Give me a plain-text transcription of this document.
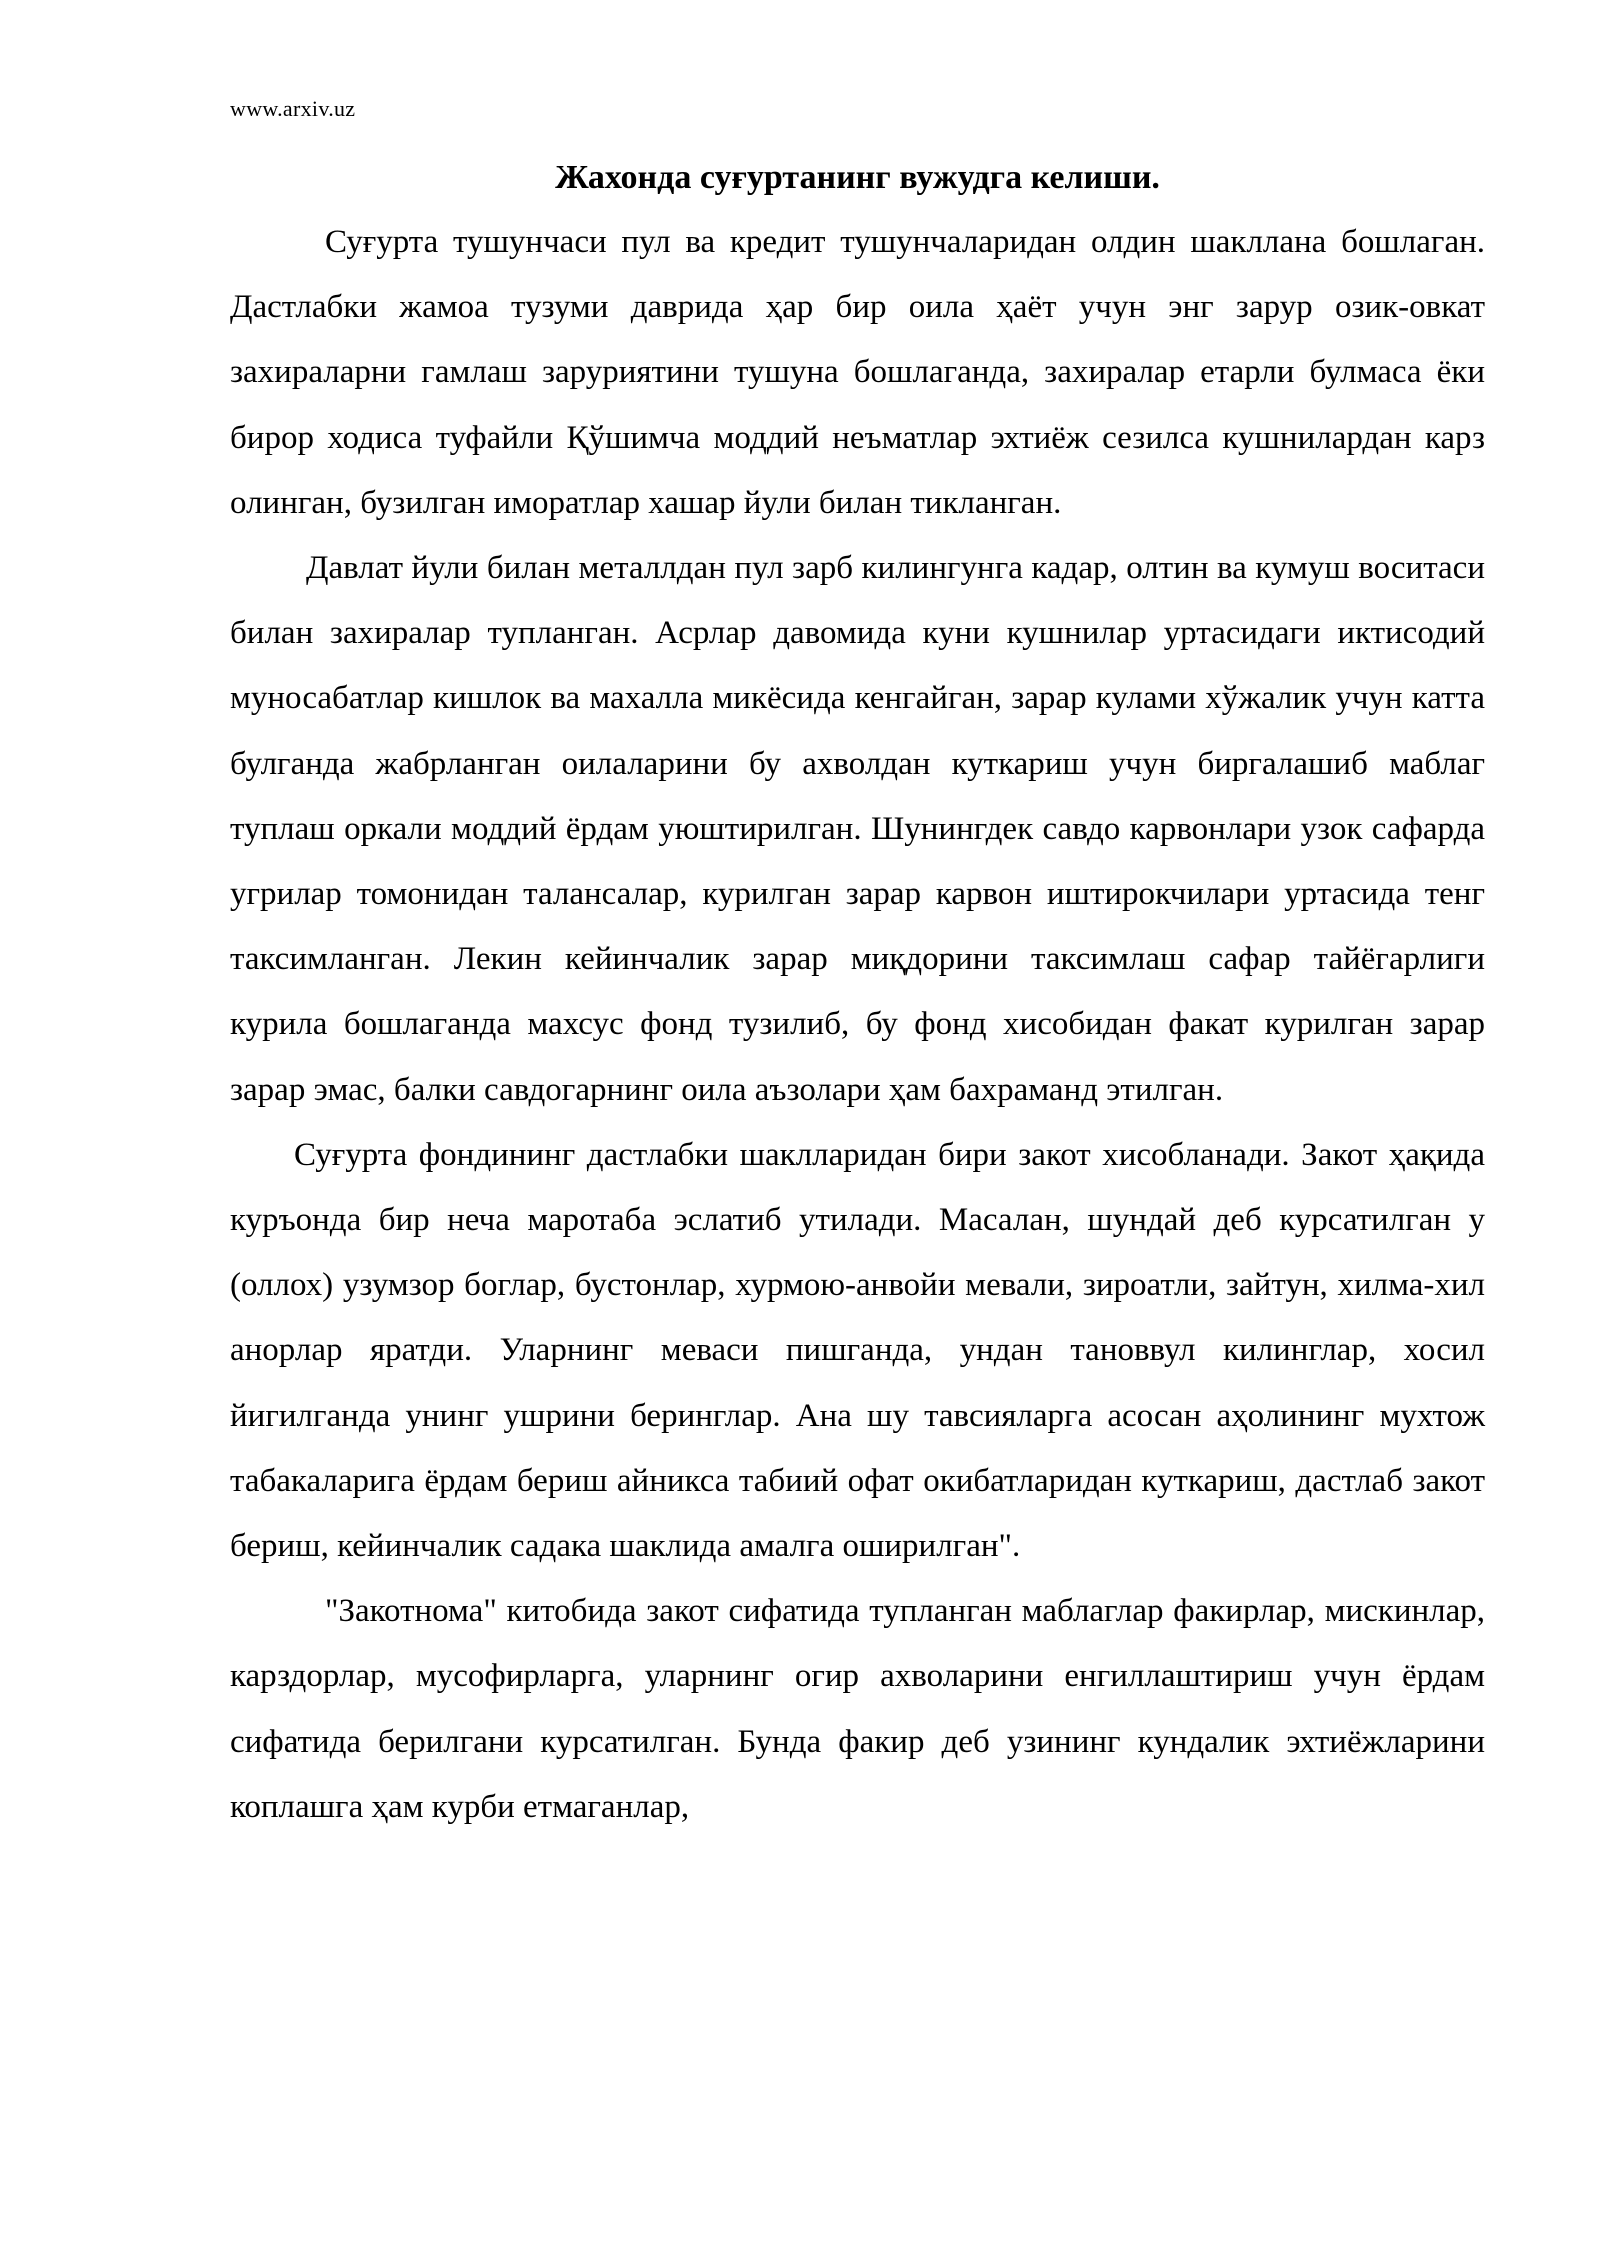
www.arxiv.uz
Жахонда суғуртанинг вужудга келиши.

Суғурта тушунчаси пул ва кредит тушунчаларидан олдин шакллана бошлаган. Дастлабки жамоа тузуми даврида ҳар бир оила ҳаёт учун энг зарур озик-овкат захираларни гамлаш заруриятини тушуна бошлаганда, захиралар етарли булмаса ёки бирор ходиса туфайли Қўшимча моддий неъматлар эхтиёж сезилса кушнилардан карз олинган, бузилган иморатлар хашар йули билан тикланган.

Давлат йули билан металлдан пул зарб килингунга кадар, олтин ва кумуш воситаси билан захиралар тупланган. Асрлар давомида куни кушнилар уртасидаги иктисодий муносабатлар кишлок ва махалла микёсида кенгайган, зарар кулами хўжалик учун катта булганда жабрланган оилаларини бу ахволдан куткариш учун биргалашиб маблаг туплаш оркали моддий ёрдам уюштирилган. Шунингдек савдо карвонлари узок сафарда угрилар томонидан талансалар, курилган зарар карвон иштирокчилари уртасида тенг таксимланган. Лекин кейинчалик зарар миқдорини таксимлаш сафар тайёгарлиги курила бошлаганда махсус фонд тузилиб, бу фонд хисобидан факат курилган зарар зарар эмас, балки савдогарнинг оила аъзолари ҳам бахраманд этилган.

Суғурта фондининг дастлабки шаклларидан бири закот хисобланади. Закот ҳақида куръонда бир неча маротаба эслатиб утилади. Масалан, шундай деб курсатилган у (оллох) узумзор боглар, бустонлар, хурмою-анвойи мевали, зироатли, зайтун, хилма-хил анорлар яратди. Уларнинг меваси пишганда, ундан тановвул килинглар, хосил йигилганда унинг ушрини беринглар. Ана шу тавсияларга асосан аҳолининг мухтож табакаларига ёрдам бериш айникса табиий офат окибатларидан куткариш, дастлаб закот бериш, кейинчалик садака шаклида амалга оширилган".

"Закотнома" китобида закот сифатида тупланган маблаглар факирлар, мискинлар, карздорлар, мусофирларга, уларнинг огир ахволарини енгиллаштириш учун ёрдам сифатида берилгани курсатилган. Бунда факир деб узининг кундалик эхтиёжларини коплашга ҳам курби етмаганлар,
